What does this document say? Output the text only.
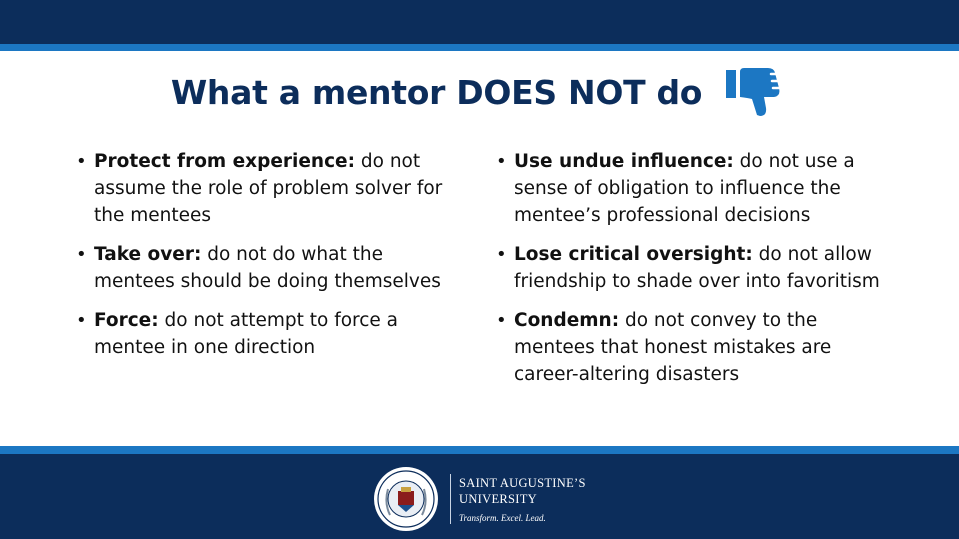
What a mentor DOES NOT do
• Protect from experience: do not assume the role of problem solver for the mentees
• Take over: do not do what the mentees should be doing themselves
• Force: do not attempt to force a mentee in one direction
• Use undue influence: do not use a sense of obligation to influence the mentee’s professional decisions
• Lose critical oversight: do not allow friendship to shade over into favoritism
• Condemn: do not convey to the mentees that honest mistakes are career-altering disasters
SAINT AUGUSTINE’S
UNIVERSITY
Transform. Excel. Lead.
